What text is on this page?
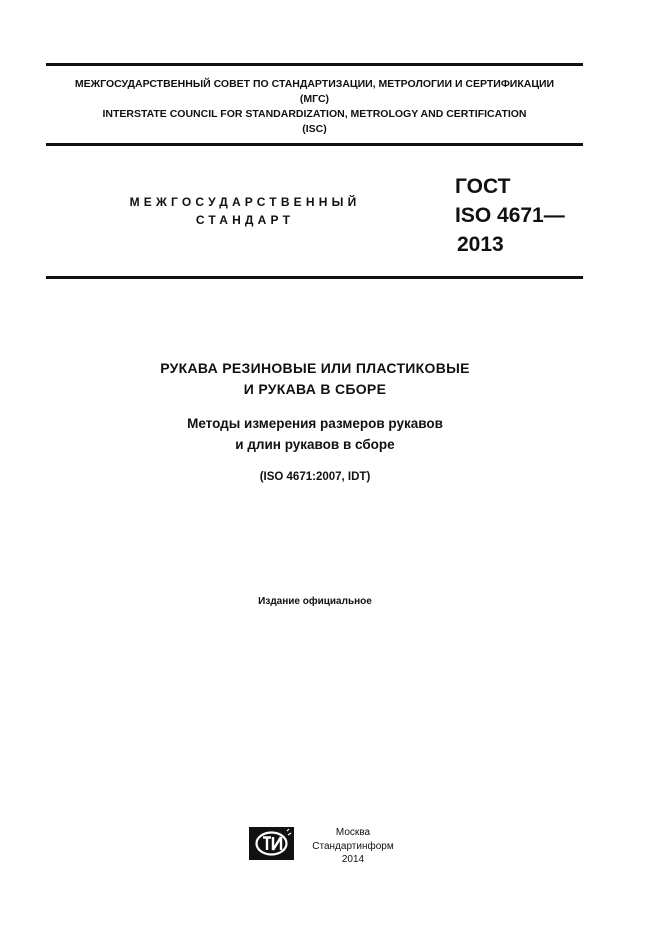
МЕЖГОСУДАРСТВЕННЫЙ СОВЕТ ПО СТАНДАРТИЗАЦИИ, МЕТРОЛОГИИ И СЕРТИФИКАЦИИ
(МГС)
INTERSTATE COUNCIL FOR STANDARDIZATION, METROLOGY AND CERTIFICATION
(ISC)
МЕЖГОСУДАРСТВЕННЫЙ
СТАНДАРТ
ГОСТ
ISO 4671—
2013
РУКАВА РЕЗИНОВЫЕ ИЛИ ПЛАСТИКОВЫЕ
И РУКАВА В СБОРЕ
Методы измерения размеров рукавов
и длин рукавов в сборе
(ISO 4671:2007, IDT)
Издание официальное
Москва
Стандартинформ
2014
